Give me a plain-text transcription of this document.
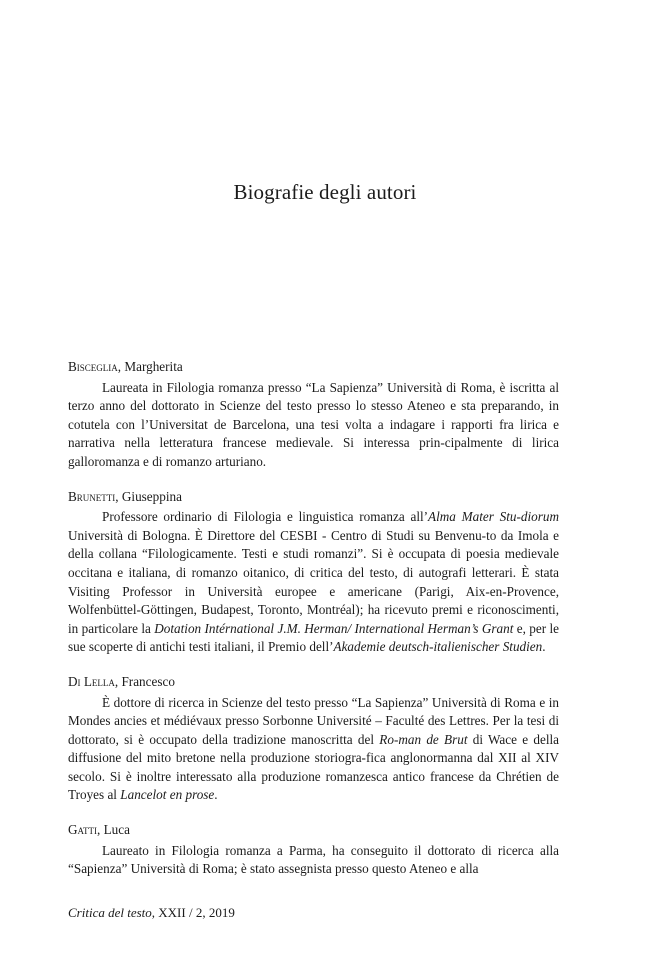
Biografie degli autori

Bisceglia, Margherita

Laureata in Filologia romanza presso “La Sapienza” Università di Roma, è iscritta al terzo anno del dottorato in Scienze del testo presso lo stesso Ateneo e sta preparando, in cotutela con l’Universitat de Barcelona, una tesi volta a indagare i rapporti fra lirica e narrativa nella letteratura francese medievale. Si interessa prin-cipalmente di lirica galloromanza e di romanzo arturiano.

Brunetti, Giuseppina

Professore ordinario di Filologia e linguistica romanza all’Alma Mater Stu-diorum Università di Bologna. È Direttore del CESBI - Centro di Studi su Benvenu-to da Imola e della collana “Filologicamente. Testi e studi romanzi”. Si è occupata di poesia medievale occitana e italiana, di romanzo oitanico, di critica del testo, di autografi letterari. È stata Visiting Professor in Università europee e americane (Parigi, Aix-en-Provence, Wolfenbüttel-Göttingen, Budapest, Toronto, Montréal); ha ricevuto premi e riconoscimenti, in particolare la Dotation Intérnational J.M. Herman/ International Herman’s Grant e, per le sue scoperte di antichi testi italiani, il Premio dell’Akademie deutsch-italienischer Studien.

Di Lella, Francesco

È dottore di ricerca in Scienze del testo presso “La Sapienza” Università di Roma e in Mondes ancies et médiévaux presso Sorbonne Université – Faculté des Lettres. Per la tesi di dottorato, si è occupato della tradizione manoscritta del Ro-man de Brut di Wace e della diffusione del mito bretone nella produzione storiogra-fica anglonormanna dal XII al XIV secolo. Si è inoltre interessato alla produzione romanzesca antico francese da Chrétien de Troyes al Lancelot en prose.

Gatti, Luca

Laureato in Filologia romanza a Parma, ha conseguito il dottorato di ricerca alla “Sapienza” Università di Roma; è stato assegnista presso questo Ateneo e alla

Critica del testo, XXII / 2, 2019
